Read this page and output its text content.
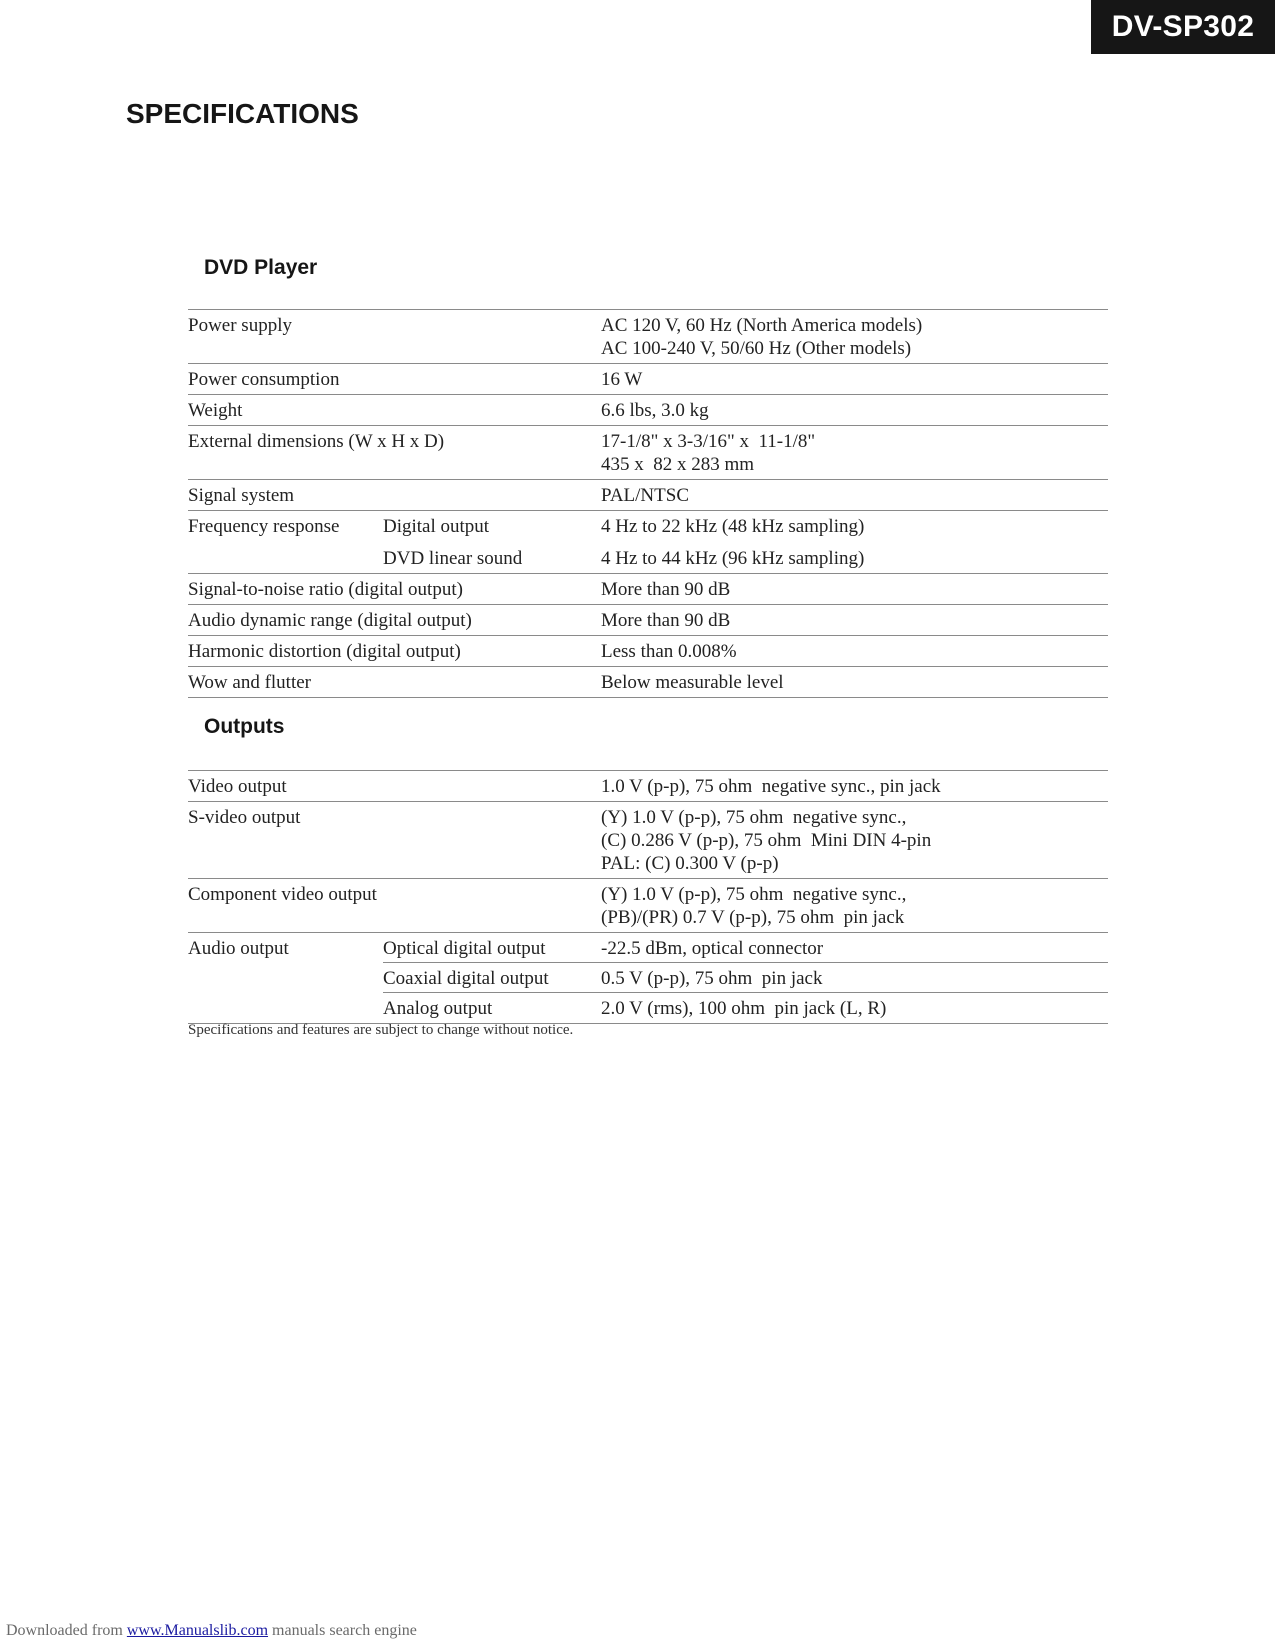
DV-SP302
SPECIFICATIONS
DVD Player
Power supply	AC 120 V, 60 Hz (North America models)
AC 100-240 V, 50/60 Hz (Other models)
Power consumption	16 W
Weight	6.6 lbs, 3.0 kg
External dimensions (W x H x D)	17-1/8" x 3-3/16" x  11-1/8"
435 x  82 x 283 mm
Signal system	PAL/NTSC
Frequency response	Digital output	4 Hz to 22 kHz (48 kHz sampling)
DVD linear sound	4 Hz to 44 kHz (96 kHz sampling)
Signal-to-noise ratio (digital output)	More than 90 dB
Audio dynamic range (digital output)	More than 90 dB
Harmonic distortion (digital output)	Less than 0.008%
Wow and flutter	Below measurable level
Outputs
Video output	1.0 V (p-p), 75 ohm  negative sync., pin jack
S-video output	(Y) 1.0 V (p-p), 75 ohm  negative sync.,
(C) 0.286 V (p-p), 75 ohm  Mini DIN 4-pin
PAL: (C) 0.300 V (p-p)
Component video output	(Y) 1.0 V (p-p), 75 ohm  negative sync.,
(PB)/(PR) 0.7 V (p-p), 75 ohm  pin jack
Audio output	Optical digital output	-22.5 dBm, optical connector
Coaxial digital output	0.5 V (p-p), 75 ohm  pin jack
Analog output	2.0 V (rms), 100 ohm  pin jack (L, R)
Specifications and features are subject to change without notice.
Downloaded from www.Manualslib.com manuals search engine
